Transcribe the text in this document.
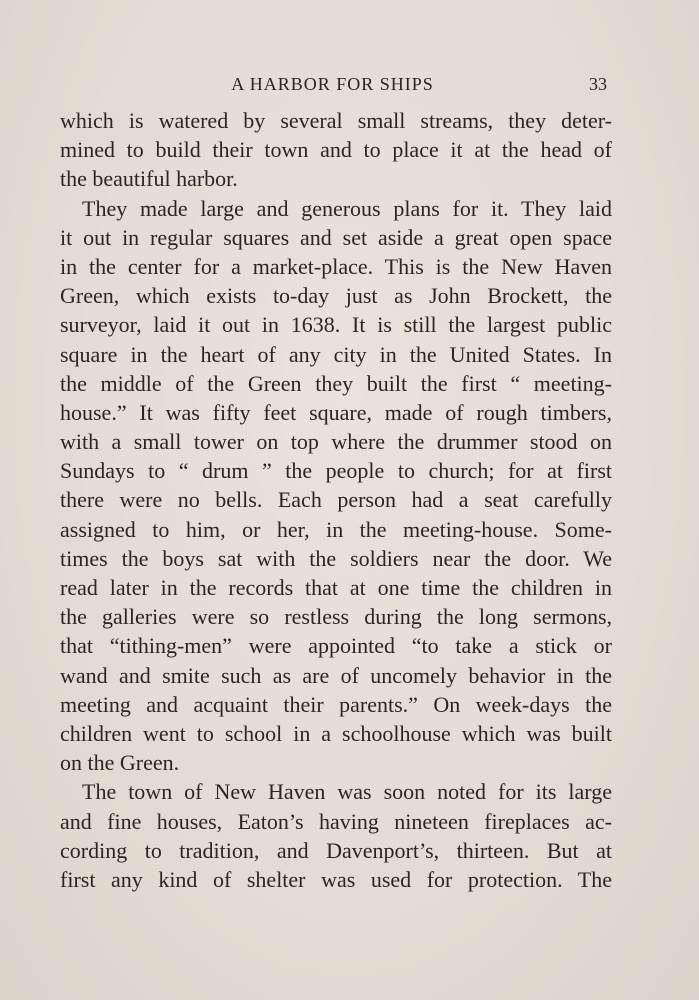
A HARBOR FOR SHIPS	33
which is watered by several small streams, they deter-
mined to build their town and to place it at the head of
the beautiful harbor.
They made large and generous plans for it. They laid
it out in regular squares and set aside a great open space
in the center for a market-place. This is the New Haven
Green, which exists to-day just as John Brockett, the
surveyor, laid it out in 1638. It is still the largest public
square in the heart of any city in the United States. In
the middle of the Green they built the first “ meeting-
house.” It was fifty feet square, made of rough timbers,
with a small tower on top where the drummer stood on
Sundays to “ drum ” the people to church; for at first
there were no bells. Each person had a seat carefully
assigned to him, or her, in the meeting-house. Some-
times the boys sat with the soldiers near the door. We
read later in the records that at one time the children in
the galleries were so restless during the long sermons,
that “tithing-men” were appointed “to take a stick or
wand and smite such as are of uncomely behavior in the
meeting and acquaint their parents.” On week-days the
children went to school in a schoolhouse which was built
on the Green.
The town of New Haven was soon noted for its large
and fine houses, Eaton’s having nineteen fireplaces ac-
cording to tradition, and Davenport’s, thirteen. But at
first any kind of shelter was used for protection. The
